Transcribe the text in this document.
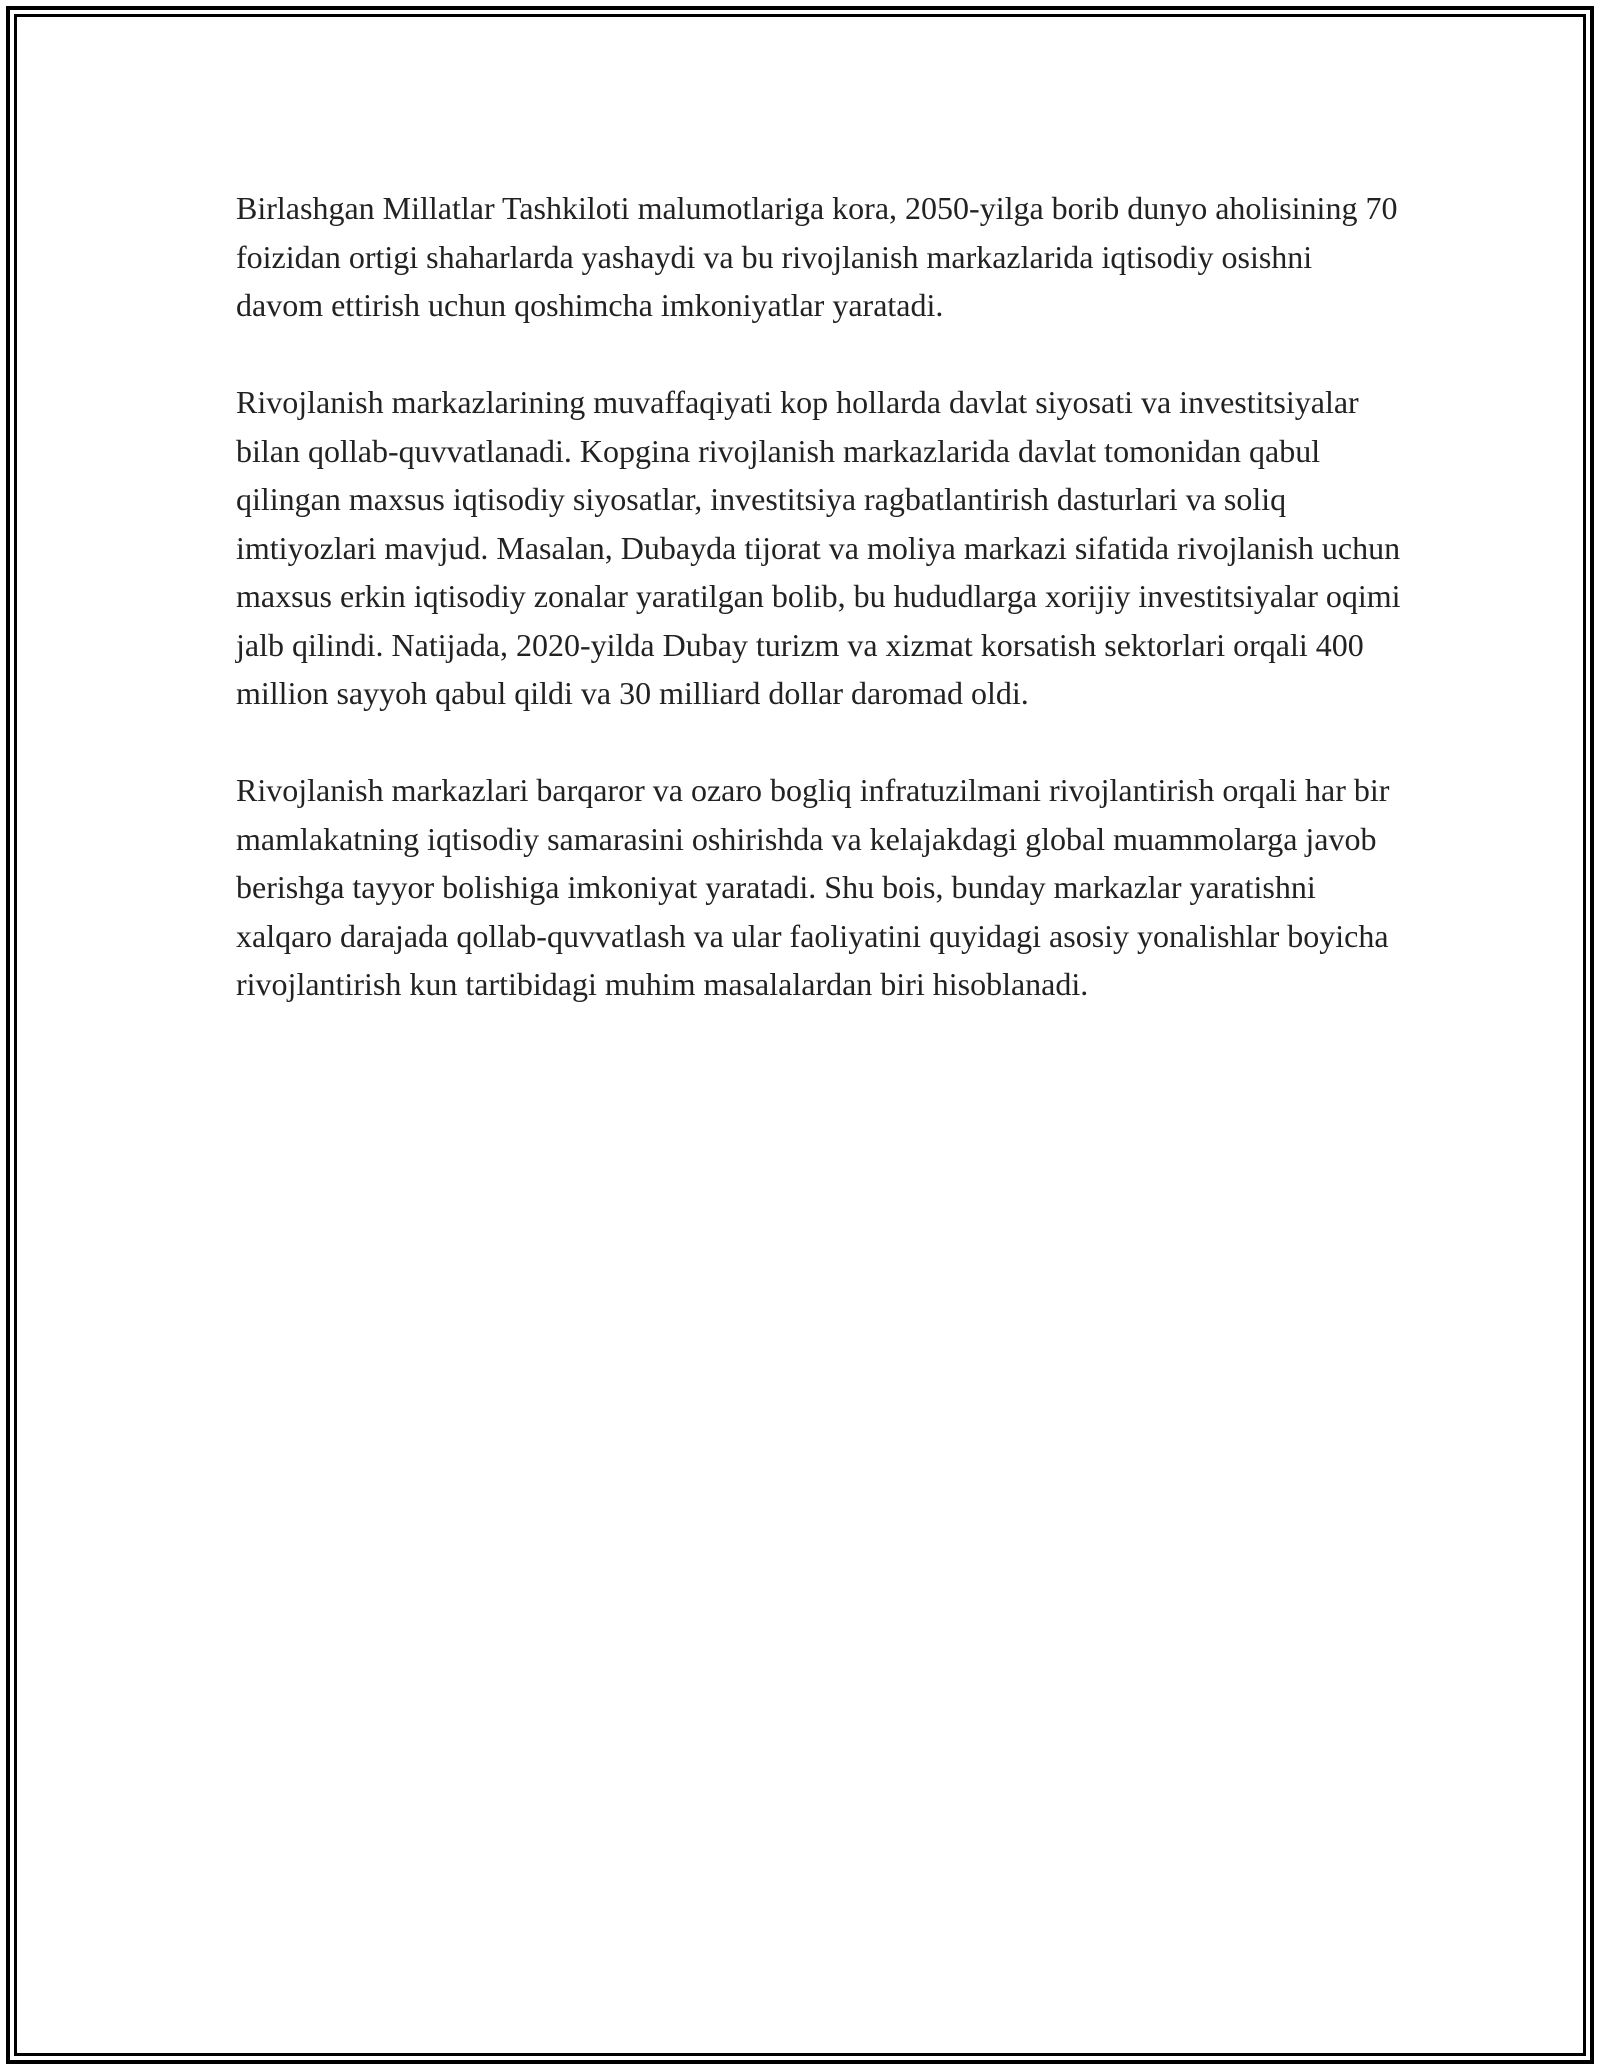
Birlashgan Millatlar Tashkiloti malumotlariga kora, 2050-yilga borib dunyo aholisining 70 foizidan ortigi shaharlarda yashaydi va bu rivojlanish markazlarida iqtisodiy osishni davom ettirish uchun qoshimcha imkoniyatlar yaratadi.

Rivojlanish markazlarining muvaffaqiyati kop hollarda davlat siyosati va investitsiyalar bilan qollab-quvvatlanadi. Kopgina rivojlanish markazlarida davlat tomonidan qabul qilingan maxsus iqtisodiy siyosatlar, investitsiya ragbatlantirish dasturlari va soliq imtiyozlari mavjud. Masalan, Dubayda tijorat va moliya markazi sifatida rivojlanish uchun maxsus erkin iqtisodiy zonalar yaratilgan bolib, bu hududlarga xorijiy investitsiyalar oqimi jalb qilindi. Natijada, 2020-yilda Dubay turizm va xizmat korsatish sektorlari orqali 400 million sayyoh qabul qildi va 30 milliard dollar daromad oldi.

Rivojlanish markazlari barqaror va ozaro bogliq infratuzilmani rivojlantirish orqali har bir mamlakatning iqtisodiy samarasini oshirishda va kelajakdagi global muammolarga javob berishga tayyor bolishiga imkoniyat yaratadi. Shu bois, bunday markazlar yaratishni xalqaro darajada qollab-quvvatlash va ular faoliyatini quyidagi asosiy yonalishlar boyicha rivojlantirish kun tartibidagi muhim masalalardan biri hisoblanadi.
